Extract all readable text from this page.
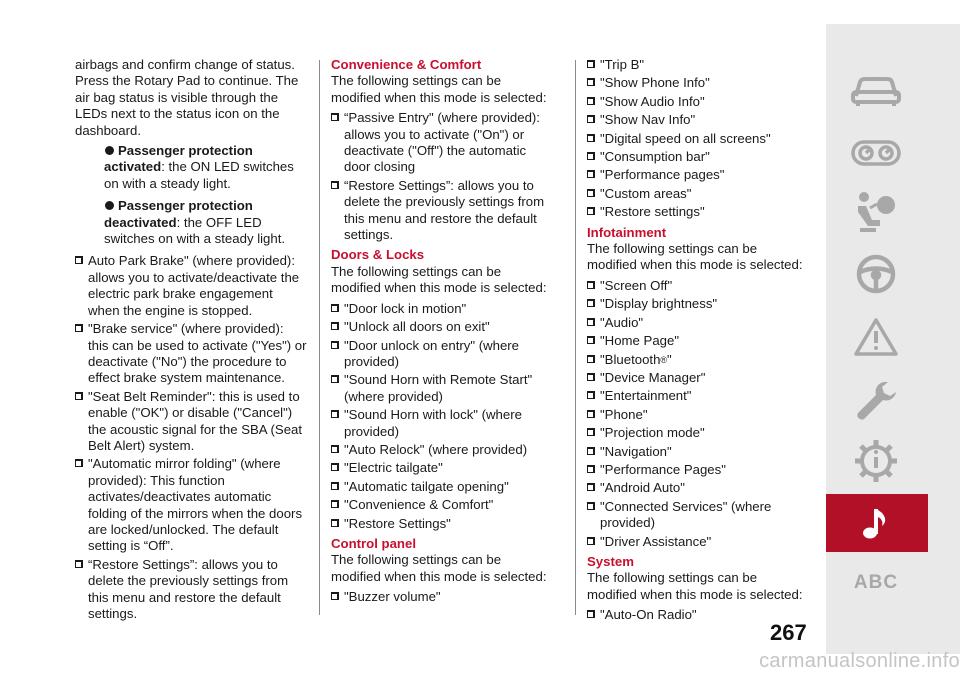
airbags and confirm change of status. Press the Rotary Pad to continue. The air bag status is visible through the LEDs next to the status icon on the dashboard.

Passenger protection activated: the ON LED switches on with a steady light.
Passenger protection deactivated: the OFF LED switches on with a steady light.
Auto Park Brake" (where provided): allows you to activate/deactivate the electric park brake engagement when the engine is stopped.
"Brake service" (where provided): this can be used to activate ("Yes") or deactivate ("No") the procedure to effect brake system maintenance.
"Seat Belt Reminder": this is used to enable ("OK") or disable ("Cancel") the acoustic signal for the SBA (Seat Belt Alert) system.
"Automatic mirror folding" (where provided): This function activates/deactivates automatic folding of the mirrors when the doors are locked/unlocked. The default setting is “Off”.
“Restore Settings”: allows you to delete the previously settings from this menu and restore the default settings.

Convenience & Comfort

The following settings can be modified when this mode is selected:

“Passive Entry" (where provided): allows you to activate ("On") or deactivate ("Off") the automatic door closing
“Restore Settings”: allows you to delete the previously settings from this menu and restore the default settings.

Doors & Locks

The following settings can be modified when this mode is selected:

"Door lock in motion"
"Unlock all doors on exit"
"Door unlock on entry" (where provided)
"Sound Horn with Remote Start" (where provided)
"Sound Horn with lock" (where provided)
"Auto Relock" (where provided)
"Electric tailgate"
"Automatic tailgate opening"
"Convenience & Comfort"
"Restore Settings"

Control panel

The following settings can be modified when this mode is selected:

"Buzzer volume"
"Trip B"
"Show Phone Info"
"Show Audio Info"
"Show Nav Info"
"Digital speed on all screens"
"Consumption bar"
"Performance pages"
"Custom areas"
"Restore settings"

Infotainment

The following settings can be modified when this mode is selected:

"Screen Off"
"Display brightness"
"Audio"
"Home Page"
"Bluetooth®"
"Device Manager"
"Entertainment"
"Phone"
"Projection mode"
"Navigation"
"Performance Pages"
"Android Auto"
"Connected Services" (where provided)
"Driver Assistance"

System

The following settings can be modified when this mode is selected:

"Auto-On Radio"
267
ABC
carmanualsonline.info
